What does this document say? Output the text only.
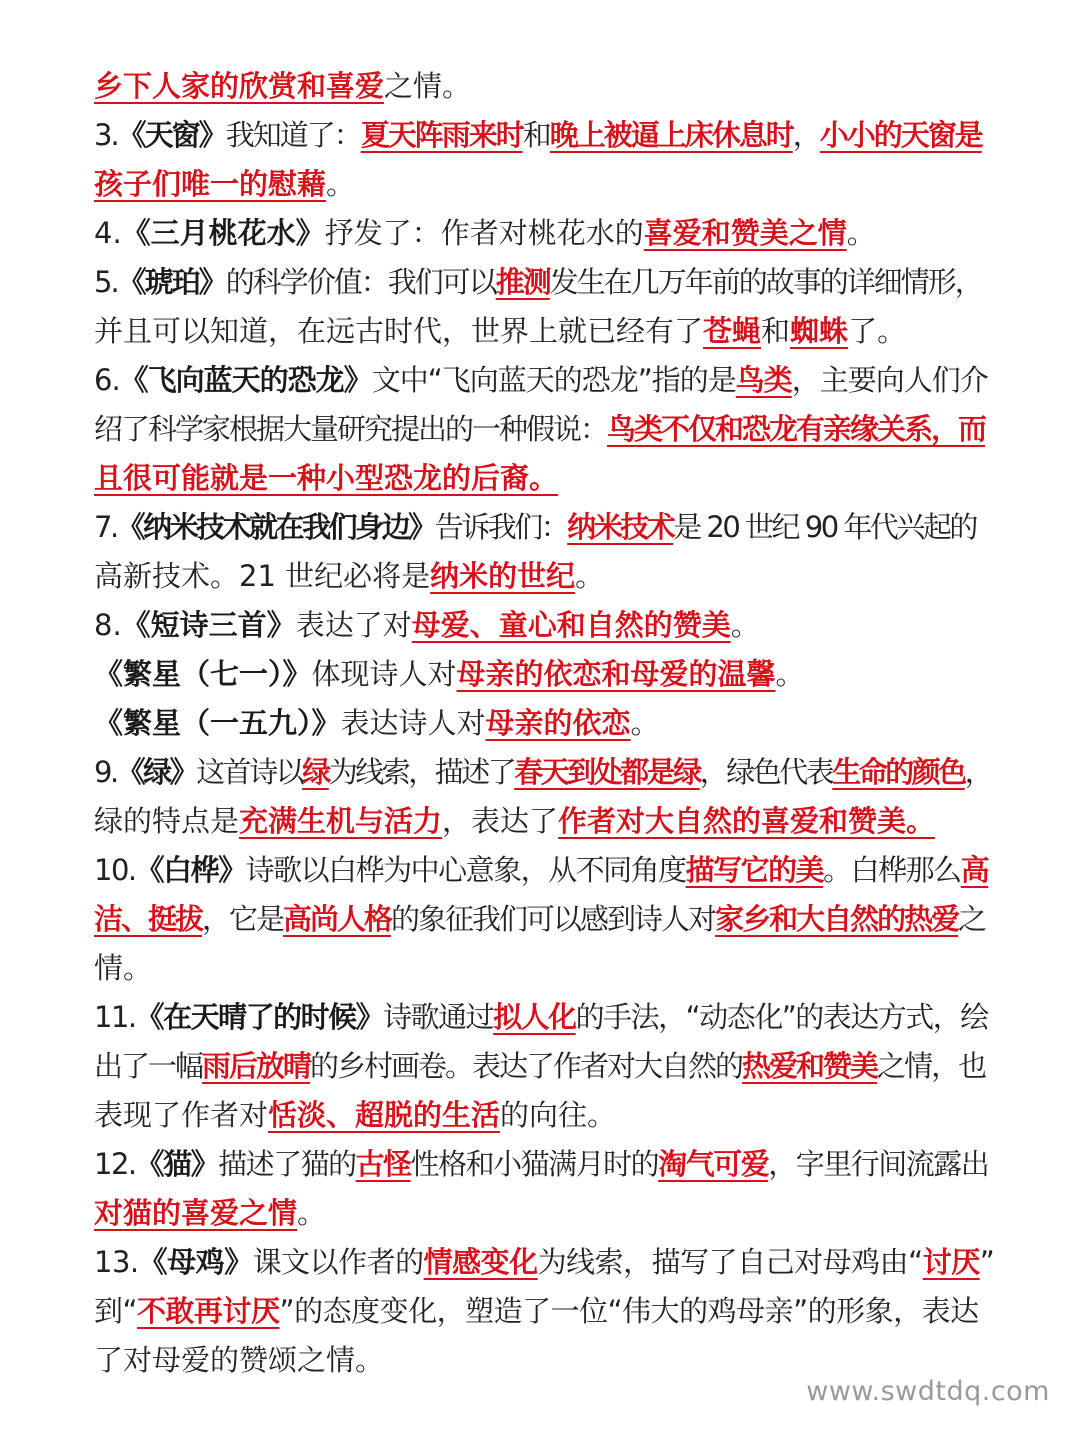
乡下人家的欣赏和喜爱之情。
3.《天窗》我知道了：夏天阵雨来时和晚上被逼上床休息时，小小的天窗是
孩子们唯一的慰藉。
4.《三月桃花水》抒发了：作者对桃花水的喜爱和赞美之情。
5.《琥珀》的科学价值：我们可以推测发生在几万年前的故事的详细情形，
并且可以知道，在远古时代，世界上就已经有了苍蝇和蜘蛛了。
6.《飞向蓝天的恐龙》文中“飞向蓝天的恐龙”指的是鸟类，主要向人们介
绍了科学家根据大量研究提出的一种假说：鸟类不仅和恐龙有亲缘关系，而
且很可能就是一种小型恐龙的后裔。
7.《纳米技术就在我们身边》告诉我们：纳米技术是 20 世纪 90 年代兴起的
高新技术。21 世纪必将是纳米的世纪。
8.《短诗三首》表达了对母爱、童心和自然的赞美。
《繁星（七一）》体现诗人对母亲的依恋和母爱的温馨。
《繁星（一五九）》表达诗人对母亲的依恋。
9.《绿》这首诗以绿为线索，描述了春天到处都是绿，绿色代表生命的颜色，
绿的特点是充满生机与活力，表达了作者对大自然的喜爱和赞美。
10.《白桦》诗歌以白桦为中心意象，从不同角度描写它的美。白桦那么高
洁、挺拔，它是高尚人格的象征我们可以感到诗人对家乡和大自然的热爱之
情。
11.《在天晴了的时候》诗歌通过拟人化的手法，“动态化”的表达方式，绘
出了一幅雨后放晴的乡村画卷。表达了作者对大自然的热爱和赞美之情，也
表现了作者对恬淡、超脱的生活的向往。
12.《猫》描述了猫的古怪性格和小猫满月时的淘气可爱，字里行间流露出
对猫的喜爱之情。
13.《母鸡》课文以作者的情感变化为线索，描写了自己对母鸡由“讨厌”
到“不敢再讨厌”的态度变化，塑造了一位“伟大的鸡母亲”的形象，表达
了对母爱的赞颂之情。
www.swdtdq.com
